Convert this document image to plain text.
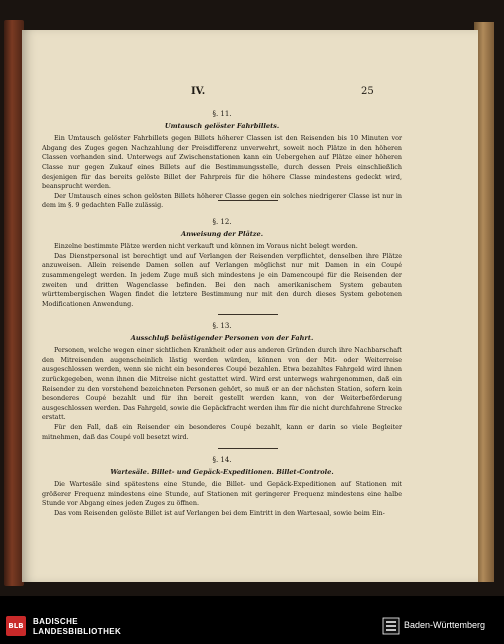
IV.	25
§. 11.
Umtausch gelöster Fahrbillets.

Ein Umtausch gelöster Fahrbillets gegen Billets höherer Classen ist den Reisenden bis 10 Minuten vor Abgang des Zuges gegen Nachzahlung der Preisdifferenz unverwehrt, soweit noch Plätze in den höheren Classen vorhanden sind. Unterwegs auf Zwischenstationen kann ein Uebergehen auf Plätze einer höheren Classe nur gegen Zukauf eines Billets auf die Bestimmungsstelle, durch dessen Preis einschließlich desjenigen für das bereits gelöste Billet der Fahrpreis für die höhere Classe mindestens gedeckt wird, beansprucht werden.

Der Umtausch eines schon gelösten Billets höherer Classe gegen ein solches niedrigerer Classe ist nur in dem im §. 9 gedachten Falle zulässig.

§. 12.
Anweisung der Plätze.

Einzelne bestimmte Plätze werden nicht verkauft und können im Voraus nicht belegt werden.

Das Dienstpersonal ist berechtigt und auf Verlangen der Reisenden verpflichtet, denselben ihre Plätze anzuweisen. Allein reisende Damen sollen auf Verlangen möglichst nur mit Damen in ein Coupé zusammengelegt werden. In jedem Zuge muß sich mindestens je ein Damencoupé für die Reisenden der zweiten und dritten Wagenclasse befinden. Bei den nach amerikanischem System gebauten württembergischen Wagen findet die letztere Bestimmung nur mit den durch dieses System gebotenen Modificationen Anwendung.

§. 13.
Ausschluß belästigender Personen von der Fahrt.

Personen, welche wegen einer sichtlichen Krankheit oder aus anderen Gründen durch ihre Nachbarschaft den Mitreisenden augenscheinlich lästig werden würden, können von der Mit- oder Weiterreise ausgeschlossen werden, wenn sie nicht ein besonderes Coupé bezahlen. Etwa bezahltes Fahrgeld wird ihnen zurückgegeben, wenn ihnen die Mitreise nicht gestattet wird. Wird erst unterwegs wahrgenommen, daß ein Reisender zu den vorstehend bezeichneten Personen gehört, so muß er an der nächsten Station, sofern kein besonderes Coupé bezahlt und für ihn bereit gestellt werden kann, von der Weiterbeförderung ausgeschlossen werden. Das Fahrgeld, sowie die Gepäckfracht werden ihm für die nicht durchfahrene Strecke erstatt.

Für den Fall, daß ein Reisender ein besonderes Coupé bezahlt, kann er darin so viele Begleiter mitnehmen, daß das Coupé voll besetzt wird.

§. 14.
Wartesäle. Billet- und Gepäck-Expeditionen. Billet-Controle.

Die Wartesäle sind spätestens eine Stunde, die Billet- und Gepäck-Expeditionen auf Stationen mit größerer Frequenz mindestens eine Stunde, auf Stationen mit geringerer Frequenz mindestens eine halbe Stunde vor Abgang eines jeden Zuges zu öffnen.

Das vom Reisenden gelöste Billet ist auf Verlangen bei dem Eintritt in den Wartesaal, sowie beim Ein-

BLB	BADISCHE
LANDESBIBLIOTHEK
Baden-Württemberg
